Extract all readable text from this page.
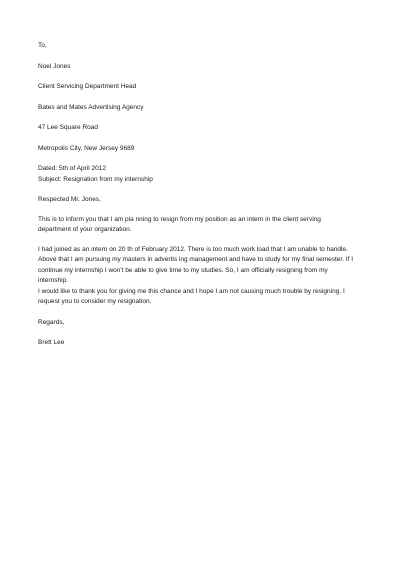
To,

Noel Jones

Client Servicing Department Head

Bates and Mates Advertising Agency

47 Lee Square Road

Metropolis City, New Jersey 9689

Dated: 5th of April 2012

Subject: Resignation from my internship

Respected Mr. Jones,

This is to inform you that I am pla nning to resign from my position as an intern in the client serving

department of your organization.

I had joined as an intern on 20 th of February 2012. There is too much work load that I am unable to handle.

Above that I am pursuing my masters in advertis ing management and have to study for my final semester. If I

continue my internship I won't be able to give time to my studies. So, I am officially resigning from my

internship.

I would like to thank you for giving me this chance and I hope I am not causing much trouble by resigning. I

request you to consider my resignation.

Regards,

Brett Lee
